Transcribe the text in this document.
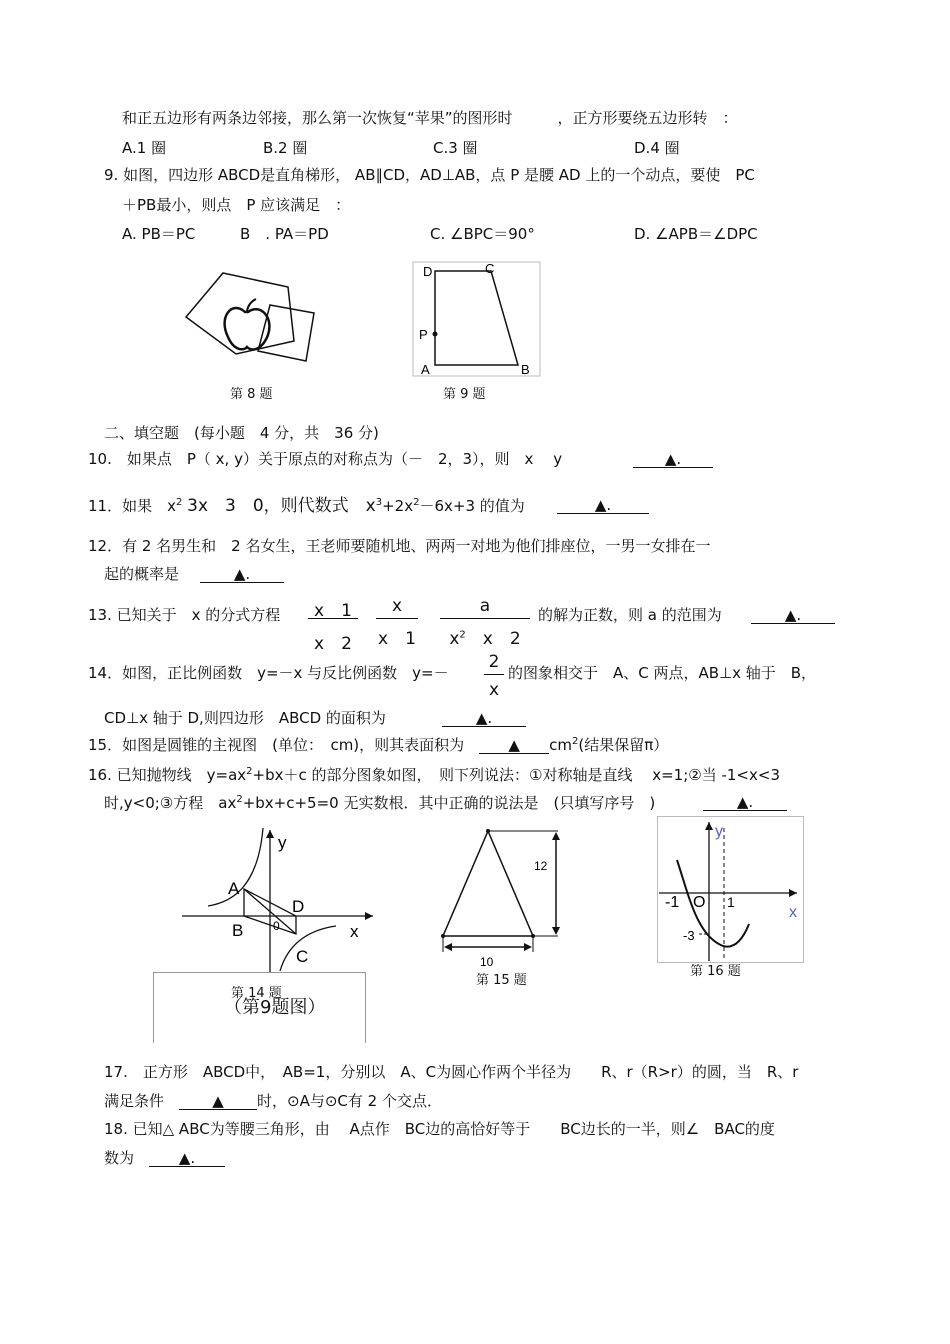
和正五边形有两条边邻接，那么第一次恢复“苹果”的图形时　　　，正方形要绕五边形转　：
A.1 圈	B.2 圈	C.3 圈	D.4 圈
9. 如图，四边形 ABCD是直角梯形， AB∥CD，AD⊥AB，点 P 是腰 AD 上的一个动点，要使　PC
＋PB最小，则点　P 应该满足　：
A. PB＝PC	B　. PA＝PD	C. ∠BPC＝90°	D. ∠APB＝∠DPC
第 8 题
D	C
P
A	B
第 9 题
二、填空题　(每小题　4 分，共　36 分)
10.　如果点　P（ x, y）关于原点的对称点为（－　2，3），则　x　 y	▲.
11．如果　$x^2$ 3x　3　0，则代数式　$x^3+2x^2-6x+3$ 的值为	▲.
12．有 2 名男生和　2 名女生，王老师要随机地、两两一对地为他们排座位，一男一女排在一
起的概率是	▲.
13. 已知关于　x 的分式方程	x　1
x　2
x
x　1
a
$x^2$　 x　2
的解为正数，则 a 的范围为	▲.
14．如图，正比例函数　y=－x 与反比例函数　y=－
2
x
的图象相交于　A、C 两点，AB⊥x 轴于　B，
CD⊥x 轴于 D,则四边形　ABCD 的面积为	▲.
15．如图是圆锥的主视图　(单位：　cm)，则其表面积为　	▲ $cm^2$(结果保留π）
16. 已知抛物线　$y=ax^2+bx+c$ 的部分图象如图，　则下列说法：①对称轴是直线　 x=1;②当 -1<x<3
时,y<0;③方程　$ax^2+bx+c+5=0$ 无实数根．其中正确的说法是　(只填写序号　)	▲.
y
A
D
B 0	x
C
第 14 题
（第9题图）
12
10
第 15 题
y
-1 O 1
x
-3
第 16 题
17.　正方形　ABCD中，　AB=1，分别以　A、C为圆心作两个半径为　　R、r（R>r）的圆，当　R、r
满足条件　	▲ 时，⊙A与⊙C有 2 个交点．
18. 已知△ ABC为等腰三角形，由　 A点作　BC边的高恰好等于　　BC边长的一半，则∠　BAC的度
数为　	▲.
